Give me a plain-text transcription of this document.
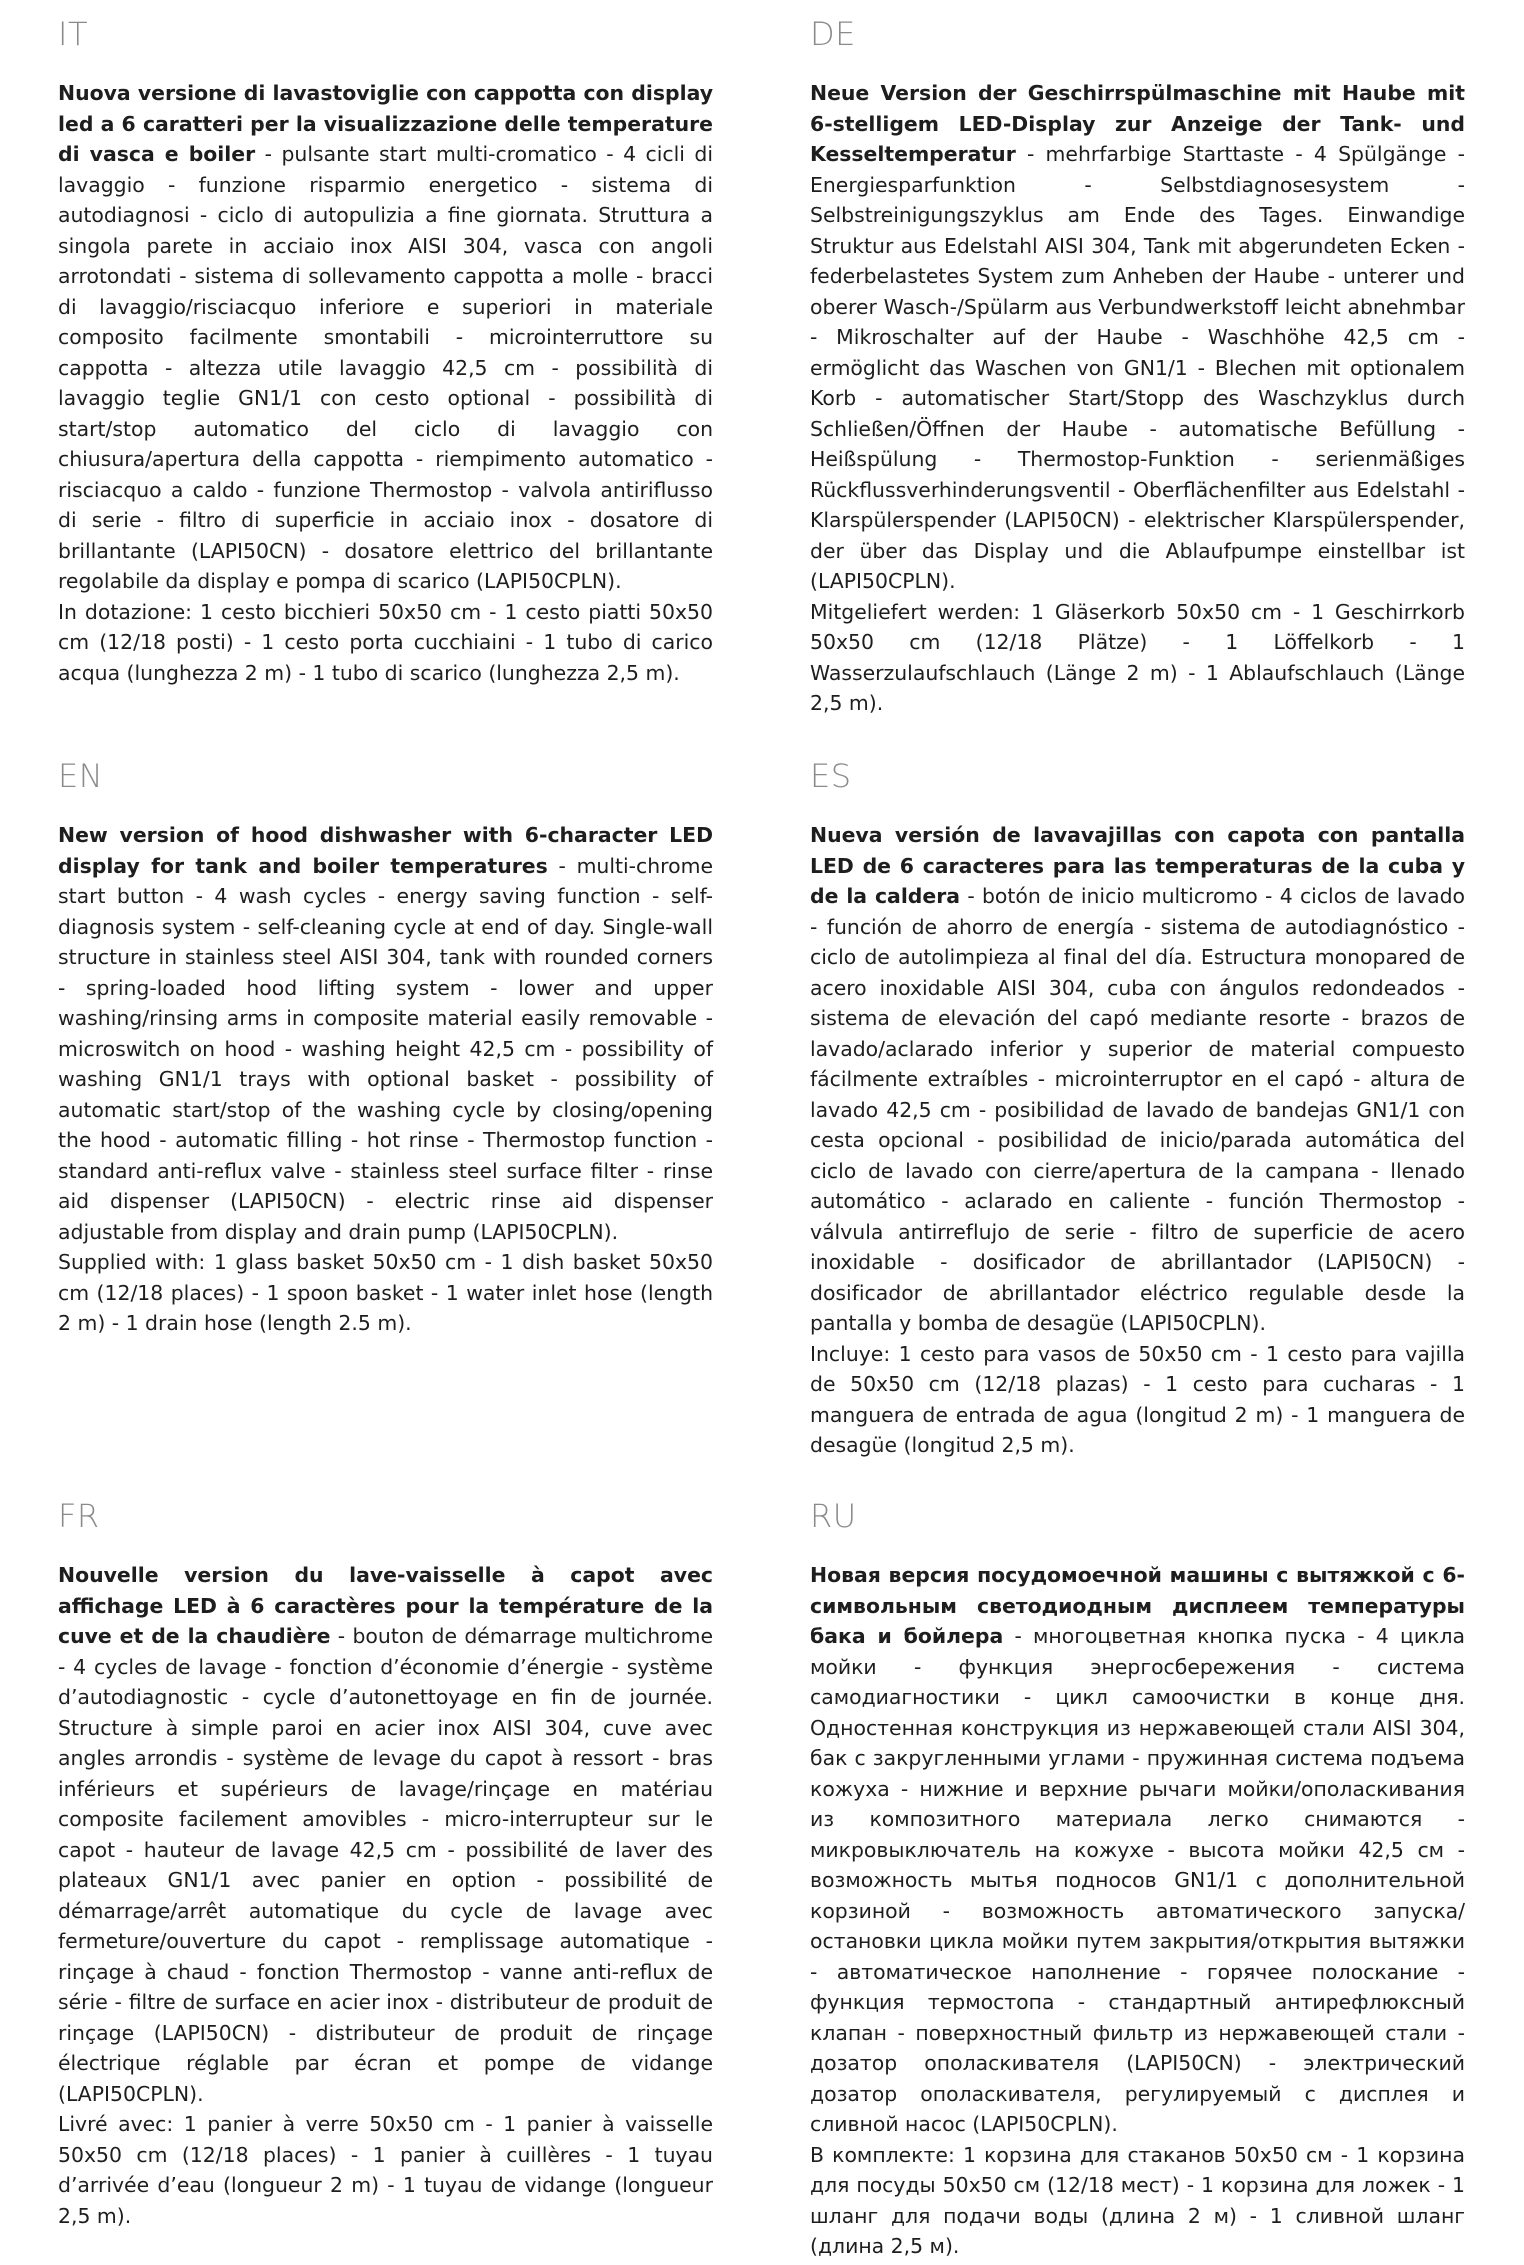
IT

Nuova versione di lavastoviglie con cappotta con display led a 6 caratteri per la visualizzazione delle temperature di vasca e boiler - pulsante start multi-cromatico - 4 cicli di lavaggio - funzione risparmio energetico - sistema di autodiagnosi - ciclo di autopulizia a fine giornata. Struttura a singola parete in acciaio inox AISI 304, vasca con angoli arrotondati - sistema di sollevamento cappotta a molle - bracci di lavaggio/risciacquo inferiore e superiori in materiale composito facilmente smontabili - microinterruttore su cappotta - altezza utile lavaggio 42,5 cm - possibilità di lavaggio teglie GN1/1 con cesto optional - possibilità di start/stop automatico del ciclo di lavaggio con chiusura/apertura della cappotta - riempimento automatico - risciacquo a caldo - funzione Thermostop - valvola antiriflusso di serie - filtro di superficie in acciaio inox - dosatore di brillantante (LAPI50CN) - dosatore elettrico del brillantante regolabile da display e pompa di scarico (LAPI50CPLN).
In dotazione: 1 cesto bicchieri 50x50 cm - 1 cesto piatti 50x50 cm (12/18 posti) - 1 cesto porta cucchiaini - 1 tubo di carico acqua (lunghezza 2 m) - 1 tubo di scarico (lunghezza 2,5 m).

DE

Neue Version der Geschirrspülmaschine mit Haube mit 6-stelligem LED-Display zur Anzeige der Tank- und Kesseltemperatur - mehrfarbige Starttaste - 4 Spülgänge - Energiesparfunktion - Selbstdiagnosesystem - Selbstreinigungszyklus am Ende des Tages. Einwandige Struktur aus Edelstahl AISI 304, Tank mit abgerundeten Ecken - federbelastetes System zum Anheben der Haube - unterer und oberer Wasch-/Spülarm aus Verbundwerkstoff leicht abnehmbar - Mikroschalter auf der Haube - Waschhöhe 42,5 cm - ermöglicht das Waschen von GN1/1 - Blechen mit optionalem Korb - automatischer Start/Stopp des Waschzyklus durch Schließen/Öffnen der Haube - automatische Befüllung - Heißspülung - Thermostop-Funktion - serienmäßiges Rückflussverhinderungsventil - Oberflächenfilter aus Edelstahl - Klarspülerspender (LAPI50CN) - elektrischer Klarspülerspender, der über das Display und die Ablaufpumpe einstellbar ist (LAPI50CPLN).
Mitgeliefert werden: 1 Gläserkorb 50x50 cm - 1 Geschirrkorb 50x50 cm (12/18 Plätze) - 1 Löffelkorb - 1 Wasserzulaufschlauch (Länge 2 m) - 1 Ablaufschlauch (Länge 2,5 m).

EN

New version of hood dishwasher with 6-character LED display for tank and boiler temperatures - multi-chrome start button - 4 wash cycles - energy saving function - self-diagnosis system - self-cleaning cycle at end of day. Single-wall structure in stainless steel AISI 304, tank with rounded corners - spring-loaded hood lifting system - lower and upper washing/rinsing arms in composite material easily removable - microswitch on hood - washing height 42,5 cm - possibility of washing GN1/1 trays with optional basket - possibility of automatic start/stop of the washing cycle by closing/opening the hood - automatic filling - hot rinse - Thermostop function - standard anti-reflux valve - stainless steel surface filter - rinse aid dispenser (LAPI50CN) - electric rinse aid dispenser adjustable from display and drain pump (LAPI50CPLN).
Supplied with: 1 glass basket 50x50 cm - 1 dish basket 50x50 cm (12/18 places) - 1 spoon basket - 1 water inlet hose (length 2 m) - 1 drain hose (length 2.5 m).

ES

Nueva versión de lavavajillas con capota con pantalla LED de 6 caracteres para las temperaturas de la cuba y de la caldera - botón de inicio multicromo - 4 ciclos de lavado - función de ahorro de energía - sistema de autodiagnóstico - ciclo de autolimpieza al final del día. Estructura monopared de acero inoxidable AISI 304, cuba con ángulos redondeados - sistema de elevación del capó mediante resorte - brazos de lavado/aclarado inferior y superior de material compuesto fácilmente extraíbles - microinterruptor en el capó - altura de lavado 42,5 cm - posibilidad de lavado de bandejas GN1/1 con cesta opcional - posibilidad de inicio/parada automática del ciclo de lavado con cierre/apertura de la campana - llenado automático - aclarado en caliente - función Thermostop - válvula antirreflujo de serie - filtro de superficie de acero inoxidable - dosificador de abrillantador (LAPI50CN) - dosificador de abrillantador eléctrico regulable desde la pantalla y bomba de desagüe (LAPI50CPLN).
Incluye: 1 cesto para vasos de 50x50 cm - 1 cesto para vajilla de 50x50 cm (12/18 plazas) - 1 cesto para cucharas - 1 manguera de entrada de agua (longitud 2 m) - 1 manguera de desagüe (longitud 2,5 m).

FR

Nouvelle version du lave-vaisselle à capot avec affichage LED à 6 caractères pour la température de la cuve et de la chaudière - bouton de démarrage multichrome - 4 cycles de lavage - fonction d’économie d’énergie - système d’autodiagnostic - cycle d’autonettoyage en fin de journée. Structure à simple paroi en acier inox AISI 304, cuve avec angles arrondis - système de levage du capot à ressort - bras inférieurs et supérieurs de lavage/rinçage en matériau composite facilement amovibles - micro-interrupteur sur le capot - hauteur de lavage 42,5 cm - possibilité de laver des plateaux GN1/1 avec panier en option - possibilité de démarrage/arrêt automatique du cycle de lavage avec fermeture/ouverture du capot - remplissage automatique - rinçage à chaud - fonction Thermostop - vanne anti-reflux de série - filtre de surface en acier inox - distributeur de produit de rinçage (LAPI50CN) - distributeur de produit de rinçage électrique réglable par écran et pompe de vidange (LAPI50CPLN).
Livré avec: 1 panier à verre 50x50 cm - 1 panier à vaisselle 50x50 cm (12/18 places) - 1 panier à cuillères - 1 tuyau d’arrivée d’eau (longueur 2 m) - 1 tuyau de vidange (longueur 2,5 m).

RU

Новая версия посудомоечной машины с вытяжкой с 6-символьным светодиодным дисплеем температуры бака и бойлера - многоцветная кнопка пуска - 4 цикла мойки - функция энергосбережения - система самодиагностики - цикл самоочистки в конце дня. Одностенная конструкция из нержавеющей стали AISI 304, бак с закругленными углами - пружинная система подъема кожуха - нижние и верхние рычаги мойки/ополаскивания из композитного материала легко снимаются - микровыключатель на кожухе - высота мойки 42,5 см - возможность мытья подносов GN1/1 с дополнительной корзиной - возможность автоматического запуска/остановки цикла мойки путем закрытия/открытия вытяжки - автоматическое наполнение - горячее полоскание - функция термостопа - стандартный антирефлюксный клапан - поверхностный фильтр из нержавеющей стали - дозатор ополаскивателя (LAPI50CN) - электрический дозатор ополаскивателя, регулируемый с дисплея и сливной насос (LAPI50CPLN).
В комплекте: 1 корзина для стаканов 50x50 см - 1 корзина для посуды 50x50 см (12/18 мест) - 1 корзина для ложек - 1 шланг для подачи воды (длина 2 м) - 1 сливной шланг (длина 2,5 м).
